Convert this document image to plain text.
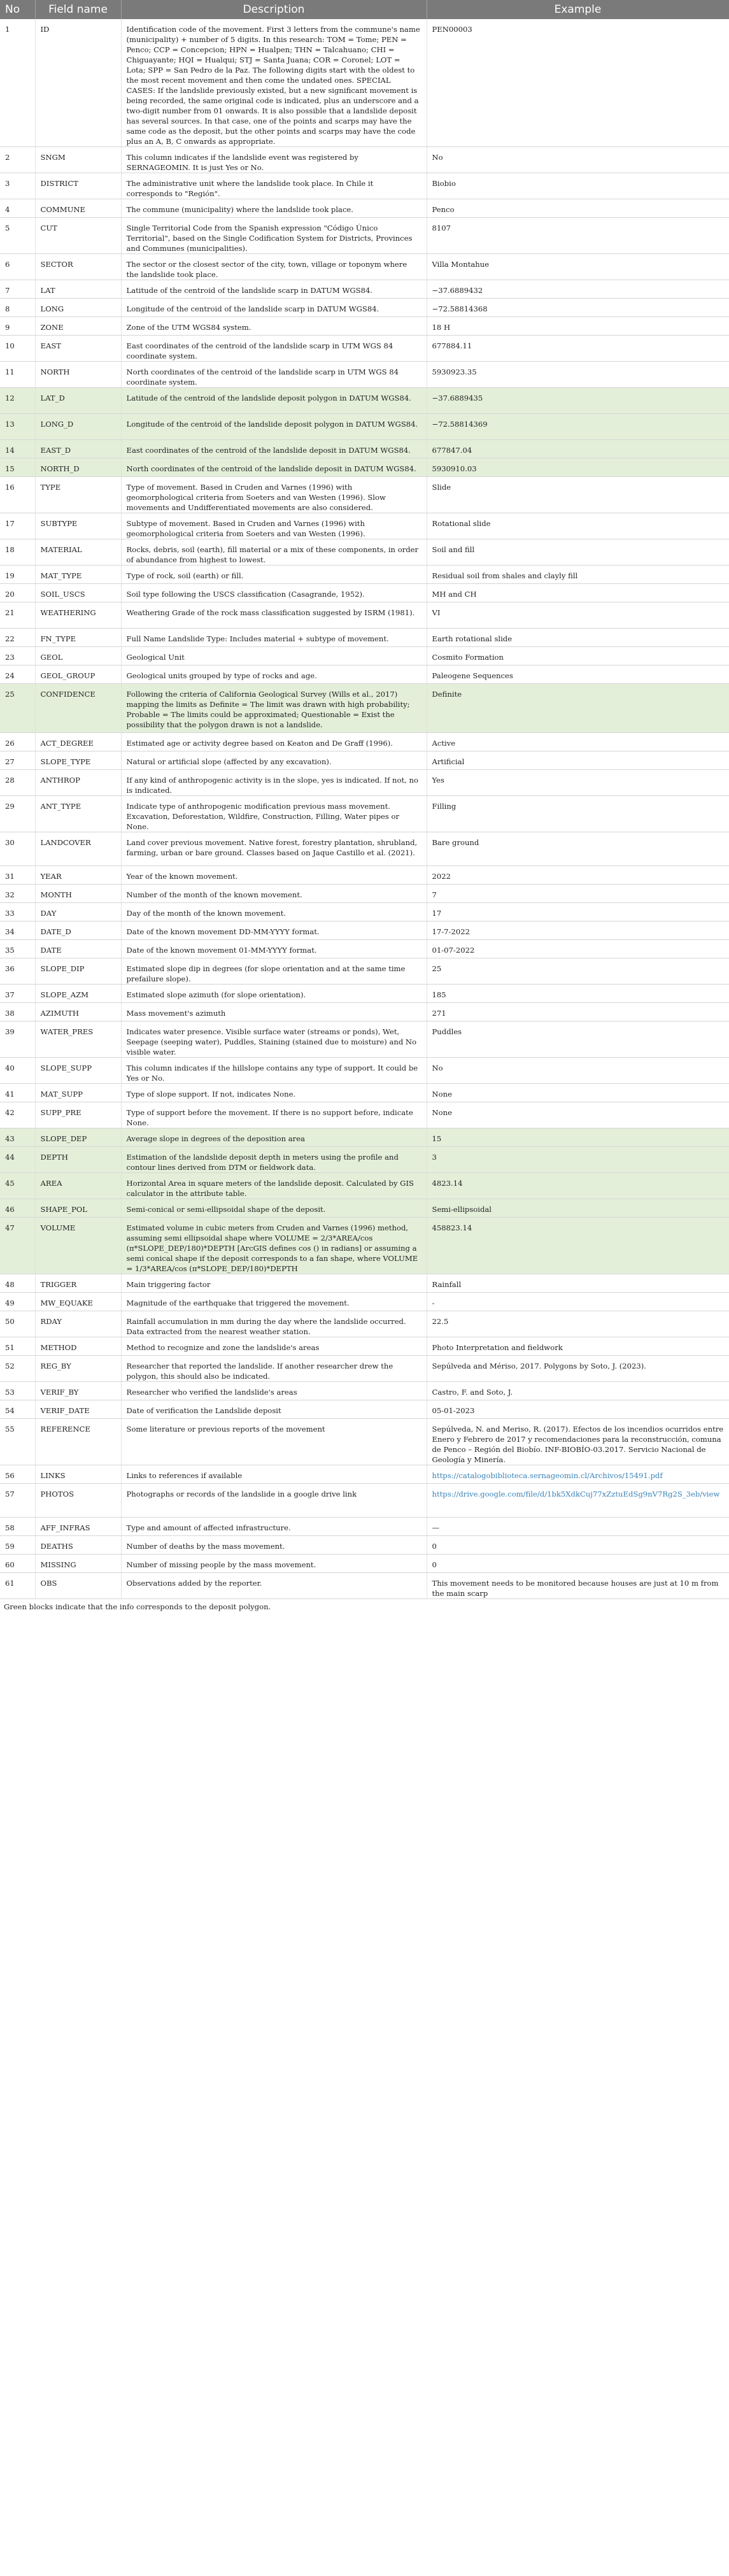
No	Field name	Description	Example
1	ID	Identification code of the movement. First 3 letters from the commune's name (municipality) + number of 5 digits. In this research: TOM = Tome; PEN = Penco; CCP = Concepcion; HPN = Hualpen; THN = Talcahuano; CHI = Chiguayante; HQI = Hualqui; STJ = Santa Juana; COR = Coronel; LOT = Lota; SPP = San Pedro de la Paz. The following digits start with the oldest to the most recent movement and then come the undated ones. SPECIAL CASES: If the landslide previously existed, but a new significant movement is being recorded, the same original code is indicated, plus an underscore and a two-digit number from 01 onwards. It is also possible that a landslide deposit has several sources. In that case, one of the points and scarps may have the same code as the deposit, but the other points and scarps may have the code plus an A, B, C onwards as appropriate.	PEN00003
2	SNGM	This column indicates if the landslide event was registered by SERNAGEOMIN. It is just Yes or No.	No
3	DISTRICT	The administrative unit where the landslide took place. In Chile it corresponds to "Región".	Biobio
4	COMMUNE	The commune (municipality) where the landslide took place.	Penco
5	CUT	Single Territorial Code from the Spanish expression "Código Único Territorial", based on the Single Codification System for Districts, Provinces and Communes (municipalities).	8107
6	SECTOR	The sector or the closest sector of the city, town, village or toponym where the landslide took place.	Villa Montahue
7	LAT	Latitude of the centroid of the landslide scarp in DATUM WGS84.	−37.6889432
8	LONG	Longitude of the centroid of the landslide scarp in DATUM WGS84.	−72.58814368
9	ZONE	Zone of the UTM WGS84 system.	18 H
10	EAST	East coordinates of the centroid of the landslide scarp in UTM WGS 84 coordinate system.	677884.11
11	NORTH	North coordinates of the centroid of the landslide scarp in UTM WGS 84 coordinate system.	5930923.35
12	LAT_D	Latitude of the centroid of the landslide deposit polygon in DATUM WGS84.	−37.6889435
13	LONG_D	Longitude of the centroid of the landslide deposit polygon in DATUM WGS84.	−72.58814369
14	EAST_D	East coordinates of the centroid of the landslide deposit in DATUM WGS84.	677847.04
15	NORTH_D	North coordinates of the centroid of the landslide deposit in DATUM WGS84.	5930910.03
16	TYPE	Type of movement. Based in Cruden and Varnes (1996) with geomorphological criteria from Soeters and van Westen (1996). Slow movements and Undifferentiated movements are also considered.	Slide
17	SUBTYPE	Subtype of movement. Based in Cruden and Varnes (1996) with geomorphological criteria from Soeters and van Westen (1996).	Rotational slide
18	MATERIAL	Rocks, debris, soil (earth), fill material or a mix of these components, in order of abundance from highest to lowest.	Soil and fill
19	MAT_TYPE	Type of rock, soil (earth) or fill.	Residual soil from shales and clayly fill
20	SOIL_USCS	Soil type following the USCS classification (Casagrande, 1952).	MH and CH
21	WEATHERING	Weathering Grade of the rock mass classification suggested by ISRM (1981).	VI
22	FN_TYPE	Full Name Landslide Type: Includes material + subtype of movement.	Earth rotational slide
23	GEOL	Geological Unit	Cosmito Formation
24	GEOL_GROUP	Geological units grouped by type of rocks and age.	Paleogene Sequences
25	CONFIDENCE	Following the criteria of California Geological Survey (Wills et al., 2017) mapping the limits as Definite = The limit was drawn with high probability; Probable = The limits could be approximated; Questionable = Exist the possibility that the polygon drawn is not a landslide.	Definite
26	ACT_DEGREE	Estimated age or activity degree based on Keaton and De Graff (1996).	Active
27	SLOPE_TYPE	Natural or artificial slope (affected by any excavation).	Artificial
28	ANTHROP	If any kind of anthropogenic activity is in the slope, yes is indicated. If not, no is indicated.	Yes
29	ANT_TYPE	Indicate type of anthropogenic modification previous mass movement. Excavation, Deforestation, Wildfire, Construction, Filling, Water pipes or None.	Filling
30	LANDCOVER	Land cover previous movement. Native forest, forestry plantation, shrubland, farming, urban or bare ground. Classes based on Jaque Castillo et al. (2021).	Bare ground
31	YEAR	Year of the known movement.	2022
32	MONTH	Number of the month of the known movement.	7
33	DAY	Day of the month of the known movement.	17
34	DATE_D	Date of the known movement DD-MM-YYYY format.	17-7-2022
35	DATE	Date of the known movement 01-MM-YYYY format.	01-07-2022
36	SLOPE_DIP	Estimated slope dip in degrees (for slope orientation and at the same time prefailure slope).	25
37	SLOPE_AZM	Estimated slope azimuth (for slope orientation).	185
38	AZIMUTH	Mass movement's azimuth	271
39	WATER_PRES	Indicates water presence. Visible surface water (streams or ponds), Wet, Seepage (seeping water), Puddles, Staining (stained due to moisture) and No visible water.	Puddles
40	SLOPE_SUPP	This column indicates if the hillslope contains any type of support. It could be Yes or No.	No
41	MAT_SUPP	Type of slope support. If not, indicates None.	None
42	SUPP_PRE	Type of support before the movement. If there is no support before, indicate None.	None
43	SLOPE_DEP	Average slope in degrees of the deposition area	15
44	DEPTH	Estimation of the landslide deposit depth in meters using the profile and contour lines derived from DTM or fieldwork data.	3
45	AREA	Horizontal Area in square meters of the landslide deposit. Calculated by GIS calculator in the attribute table.	4823.14
46	SHAPE_POL	Semi-conical or semi-ellipsoidal shape of the deposit.	Semi-ellipsoidal
47	VOLUME	Estimated volume in cubic meters from Cruden and Varnes (1996) method, assuming semi ellipsoidal shape where VOLUME = 2/3*AREA/cos (π*SLOPE_DEP/180)*DEPTH [ArcGIS defines cos () in radians] or assuming a semi conical shape if the deposit corresponds to a fan shape, where VOLUME = 1/3*AREA/cos (π*SLOPE_DEP/180)*DEPTH	458823.14
48	TRIGGER	Main triggering factor	Rainfall
49	MW_EQUAKE	Magnitude of the earthquake that triggered the movement.	-
50	RDAY	Rainfall accumulation in mm during the day where the landslide occurred. Data extracted from the nearest weather station.	22.5
51	METHOD	Method to recognize and zone the landslide's areas	Photo Interpretation and fieldwork
52	REG_BY	Researcher that reported the landslide. If another researcher drew the polygon, this should also be indicated.	Sepúlveda and Mériso, 2017. Polygons by Soto, J. (2023).
53	VERIF_BY	Researcher who verified the landslide's areas	Castro, F. and Soto, J.
54	VERIF_DATE	Date of verification the Landslide deposit	05-01-2023
55	REFERENCE	Some literature or previous reports of the movement	Sepúlveda, N. and Meriso, R. (2017). Efectos de los incendios ocurridos entre Enero y Febrero de 2017 y recomendaciones para la reconstrucción, comuna de Penco – Región del Biobío. INF-BIOBÍO-03.2017. Servicio Nacional de Geología y Minería.
56	LINKS	Links to references if available	https://catalogobiblioteca.sernageomin.cl/Archivos/15491.pdf
57	PHOTOS	Photographs or records of the landslide in a google drive link	https://drive.google.com/file/d/1bk5XdkCuj77xZztuEdSg9nV7Rg2S_3eb/view
58	AFF_INFRAS	Type and amount of affected infrastructure.	—
59	DEATHS	Number of deaths by the mass movement.	0
60	MISSING	Number of missing people by the mass movement.	0
61	OBS	Observations added by the reporter.	This movement needs to be monitored because houses are just at 10 m from the main scarp
Green blocks indicate that the info corresponds to the deposit polygon.
